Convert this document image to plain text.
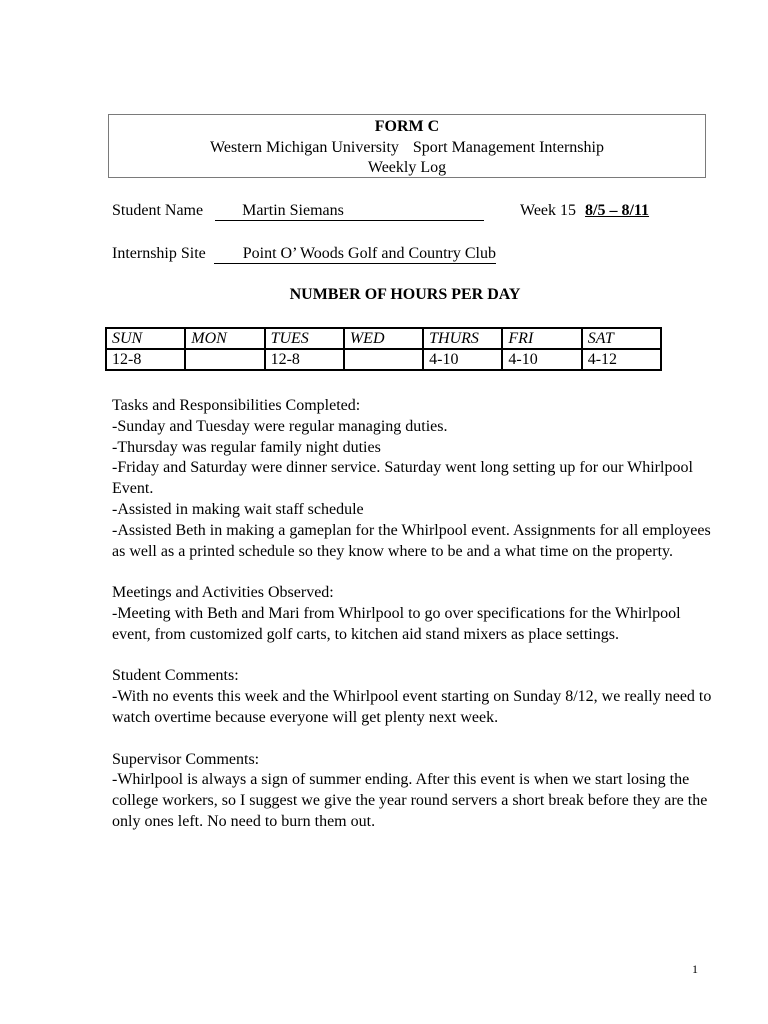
FORM C
Western Michigan University Sport Management Internship
Weekly Log
Student Name Martin Siemans	Week 15 8/5 – 8/11
Internship Site Point O’ Woods Golf and Country Club
NUMBER OF HOURS PER DAY
SUN	MON	TUES	WED	THURS	FRI	SAT
12-8		12-8		4-10	4-10	4-12

Tasks and Responsibilities Completed:

-Sunday and Tuesday were regular managing duties.

-Thursday was regular family night duties

-Friday and Saturday were dinner service. Saturday went long setting up for our Whirlpool Event.

-Assisted in making wait staff schedule

-Assisted Beth in making a gameplan for the Whirlpool event. Assignments for all employees as well as a printed schedule so they know where to be and a what time on the property.

Meetings and Activities Observed:

-Meeting with Beth and Mari from Whirlpool to go over specifications for the Whirlpool event, from customized golf carts, to kitchen aid stand mixers as place settings.

Student Comments:

-With no events this week and the Whirlpool event starting on Sunday 8/12, we really need to watch overtime because everyone will get plenty next week.

Supervisor Comments:

-Whirlpool is always a sign of summer ending. After this event is when we start losing the college workers, so I suggest we give the year round servers a short break before they are the only ones left. No need to burn them out.

1
